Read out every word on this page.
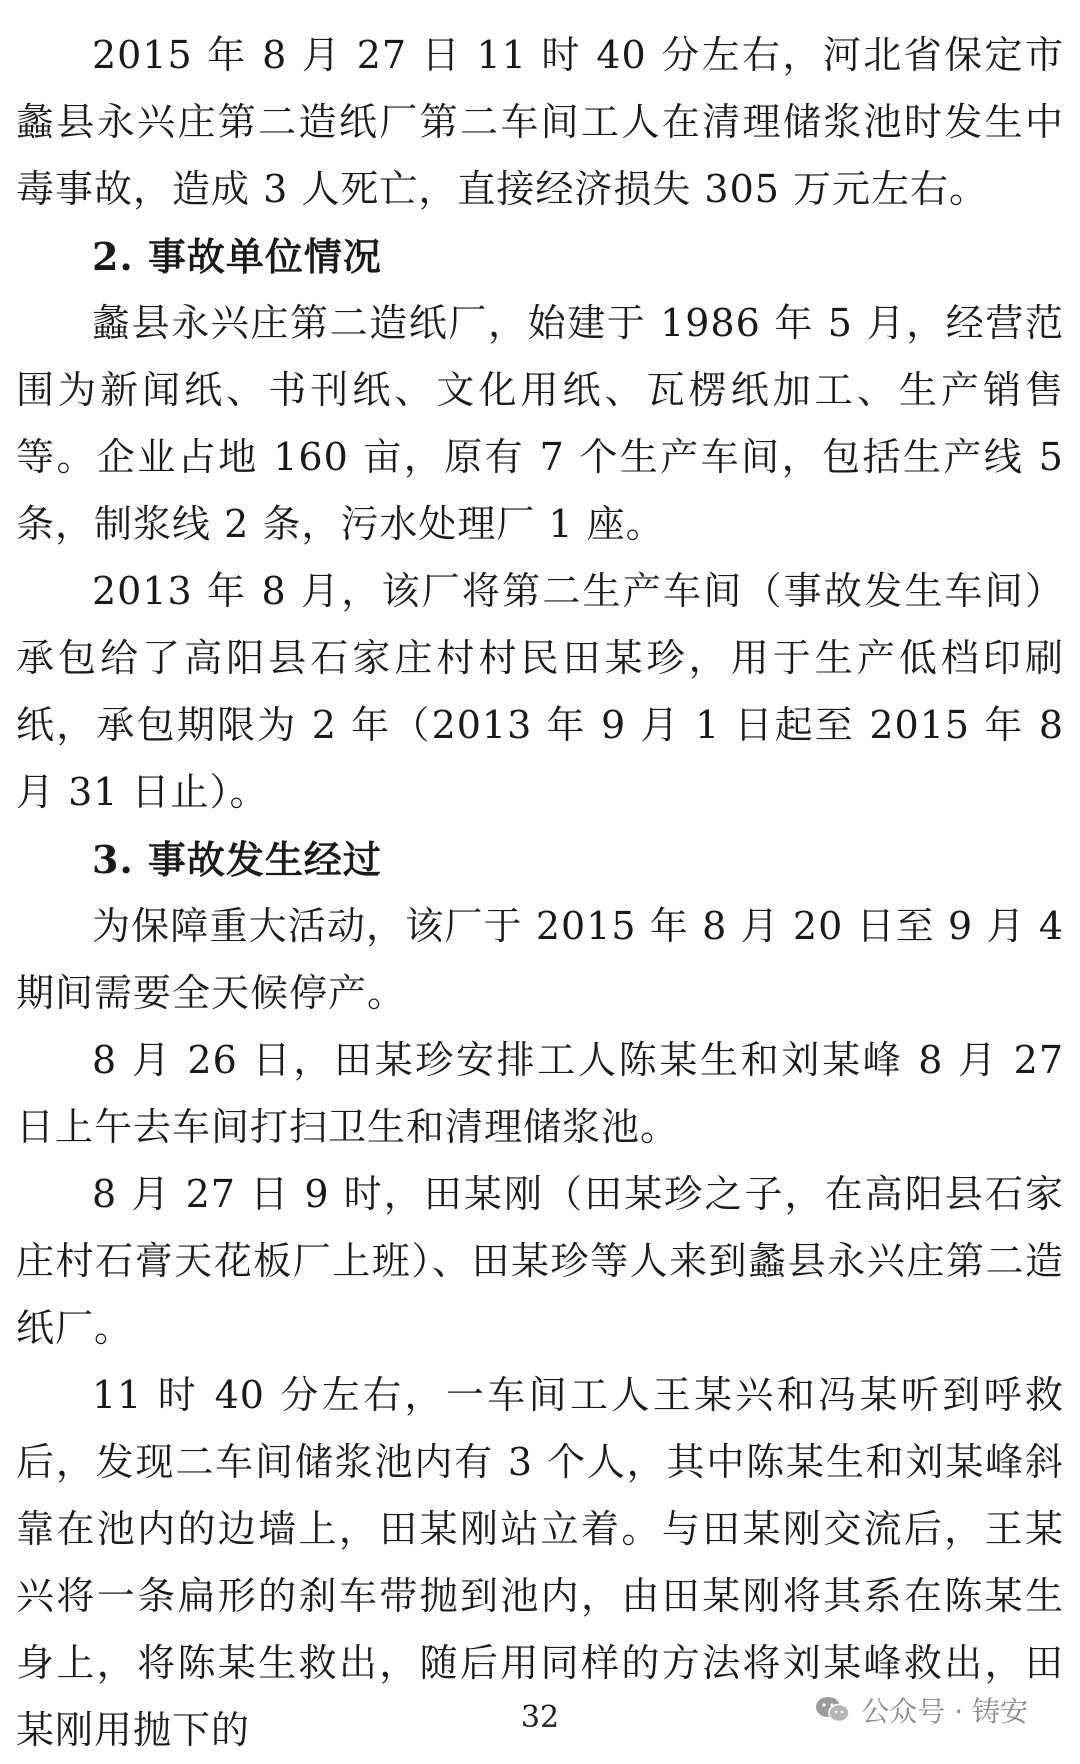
2015 年 8 月 27 日 11 时 40 分左右，河北省保定市蠡县永兴庄第二造纸厂第二车间工人在清理储浆池时发生中毒事故，造成 3 人死亡，直接经济损失 305 万元左右。

2. 事故单位情况

蠡县永兴庄第二造纸厂，始建于 1986 年 5 月，经营范围为新闻纸、书刊纸、文化用纸、瓦楞纸加工、生产销售等。企业占地 160 亩，原有 7 个生产车间，包括生产线 5 条，制浆线 2 条，污水处理厂 1 座。

2013 年 8 月，该厂将第二生产车间（事故发生车间）承包给了高阳县石家庄村村民田某珍，用于生产低档印刷纸，承包期限为 2 年（2013 年 9 月 1 日起至 2015 年 8 月 31 日止）。

3. 事故发生经过

为保障重大活动，该厂于 2015 年 8 月 20 日至 9 月 4 期间需要全天候停产。

8 月 26 日，田某珍安排工人陈某生和刘某峰 8 月 27 日上午去车间打扫卫生和清理储浆池。

8 月 27 日 9 时，田某刚（田某珍之子，在高阳县石家庄村石膏天花板厂上班）、田某珍等人来到蠡县永兴庄第二造纸厂。

11 时 40 分左右，一车间工人王某兴和冯某听到呼救后，发现二车间储浆池内有 3 个人，其中陈某生和刘某峰斜靠在池内的边墙上，田某刚站立着。与田某刚交流后，王某兴将一条扁形的刹车带抛到池内，由田某刚将其系在陈某生身上，将陈某生救出，随后用同样的方法将刘某峰救出，田某刚用抛下的	32	公众号 · 铸安
